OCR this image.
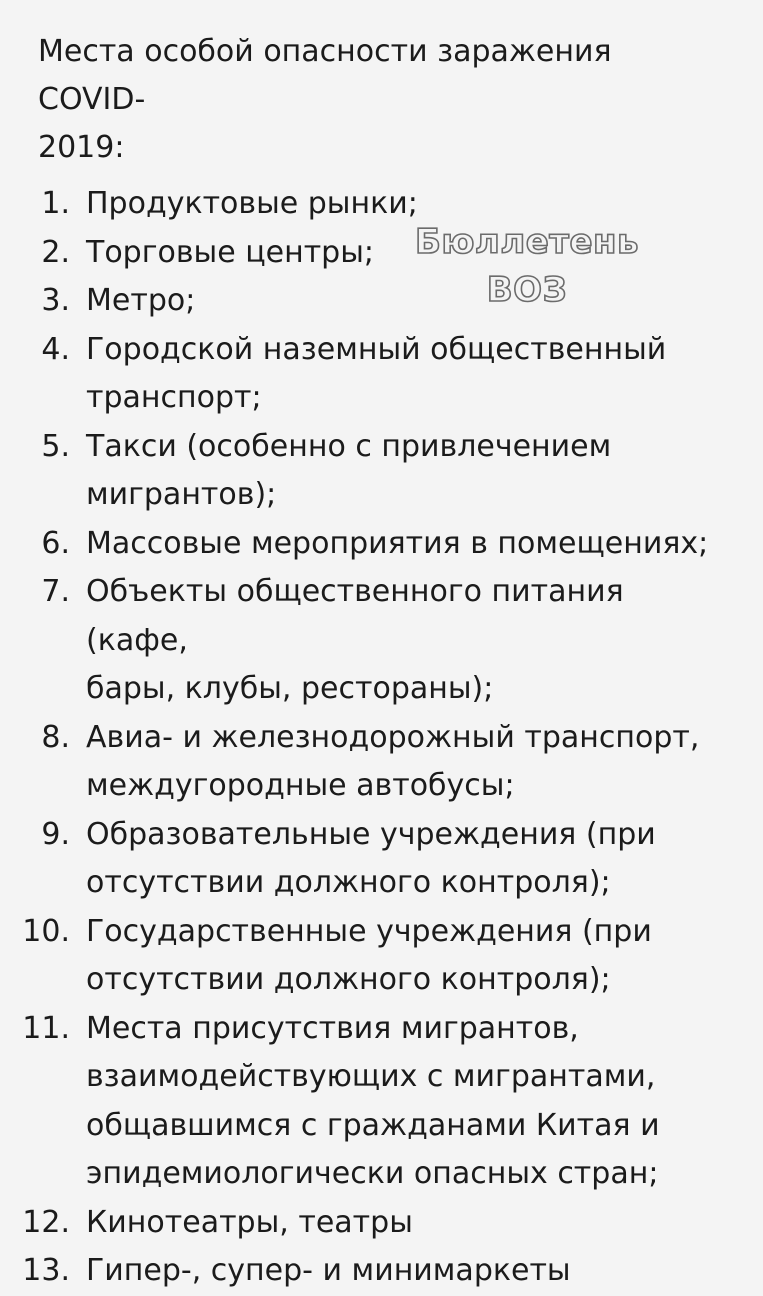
Места особой опасности заражения COVID-
2019:
1. Продуктовые рынки;
2. Торговые центры;
3. Метро;
4. Городской наземный общественный
транспорт;
5. Такси (особенно с привлечением
мигрантов);
6. Массовые мероприятия в помещениях;
7. Объекты общественного питания (кафе,
бары, клубы, рестораны);
8. Авиа- и железнодорожный транспорт,
междугородные автобусы;
9. Образовательные учреждения (при
отсутствии должного контроля);
10. Государственные учреждения (при
отсутствии должного контроля);
11. Места присутствия мигрантов,
взаимодействующих с мигрантами,
общавшимся с гражданами Китая и
эпидемиологически опасных стран;
12. Кинотеатры, театры
13. Гипер-, супер- и минимаркеты
Бюллетень
ВОЗ
